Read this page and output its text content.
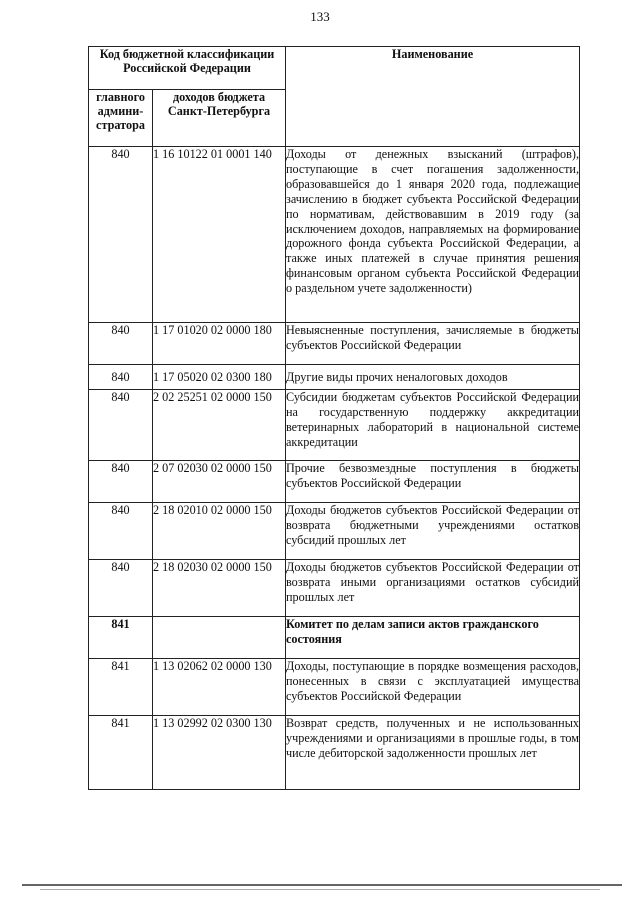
133
Код бюджетной классификации Российской Федерации		Наименование
главного админи-стратора	доходов бюджета Санкт-Петербурга	
840	1 16 10122 01 0001 140	Доходы от денежных взысканий (штрафов), поступающие в счет погашения задолженности, образовавшейся до 1 января 2020 года, подлежащие зачислению в бюджет субъекта Российской Федерации по нормативам, действовавшим в 2019 году (за исключением доходов, направляемых на формирование дорожного фонда субъекта Российской Федерации, а также иных платежей в случае принятия решения финансовым органом субъекта Российской Федерации о раздельном учете задолженности)
840	1 17 01020 02 0000 180	Невыясненные поступления, зачисляемые в бюджеты субъектов Российской Федерации
840	1 17 05020 02 0300 180	Другие виды прочих неналоговых доходов
840	2 02 25251 02 0000 150	Субсидии бюджетам субъектов Российской Федерации на государственную поддержку аккредитации ветеринарных лабораторий в национальной системе аккредитации
840	2 07 02030 02 0000 150	Прочие безвозмездные поступления в бюджеты субъектов Российской Федерации
840	2 18 02010 02 0000 150	Доходы бюджетов субъектов Российской Федерации от возврата бюджетными учреждениями остатков субсидий прошлых лет
840	2 18 02030 02 0000 150	Доходы бюджетов субъектов Российской Федерации от возврата иными организациями остатков субсидий прошлых лет
841		Комитет по делам записи актов гражданского состояния
841	1 13 02062 02 0000 130	Доходы, поступающие в порядке возмещения расходов, понесенных в связи с эксплуатацией имущества субъектов Российской Федерации
841	1 13 02992 02 0300 130	Возврат средств, полученных и не использованных учреждениями и организациями в прошлые годы, в том числе дебиторской задолженности прошлых лет
